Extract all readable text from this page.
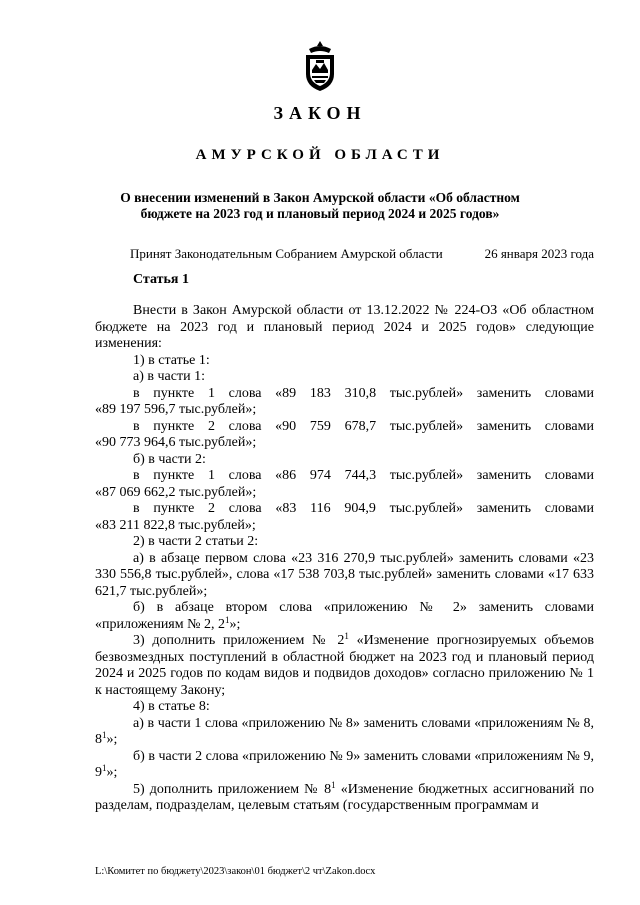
ЗАКОН
АМУРСКОЙ ОБЛАСТИ
О внесении изменений в Закон Амурской области «Об областном бюджете на 2023 год и плановый период 2024 и 2025 годов»
Принят Законодательным Собранием Амурской области	26 января 2023 года
Статья 1

Внести в Закон Амурской области от 13.12.2022 № 224-ОЗ «Об областном бюджете на 2023 год и плановый период 2024 и 2025 годов» следующие изменения:

1) в статье 1:

а) в части 1:

в пункте 1 слова «89 183 310,8 тыс.рублей» заменить словами

«89 197 596,7 тыс.рублей»;

в пункте 2 слова «90 759 678,7 тыс.рублей» заменить словами

«90 773 964,6 тыс.рублей»;

б) в части 2:

в пункте 1 слова «86 974 744,3 тыс.рублей» заменить словами

«87 069 662,2 тыс.рублей»;

в пункте 2 слова «83 116 904,9 тыс.рублей» заменить словами

«83 211 822,8 тыс.рублей»;

2) в части 2 статьи 2:

а) в абзаце первом слова «23 316 270,9 тыс.рублей» заменить словами «23 330 556,8 тыс.рублей», слова «17 538 703,8 тыс.рублей» заменить словами «17 633 621,7 тыс.рублей»;

б) в абзаце втором слова «приложению № 2» заменить словами «приложениям № 2, $2^1$»;

3) дополнить приложением № $2^1$ «Изменение прогнозируемых объемов безвозмездных поступлений в областной бюджет на 2023 год и плановый период 2024 и 2025 годов по кодам видов и подвидов доходов» согласно приложению № 1 к настоящему Закону;

4) в статье 8:

а) в части 1 слова «приложению № 8» заменить словами «приложениям № 8, $8^1$»;

б) в части 2 слова «приложению № 9» заменить словами «приложениям № 9, $9^1$»;

5) дополнить приложением № $8^1$ «Изменение бюджетных ассигнований по разделам, подразделам, целевым статьям (государственным программам и

L:\Комитет по бюджету\2023\закон\01 бюджет\2 чт\Zakon.docx
